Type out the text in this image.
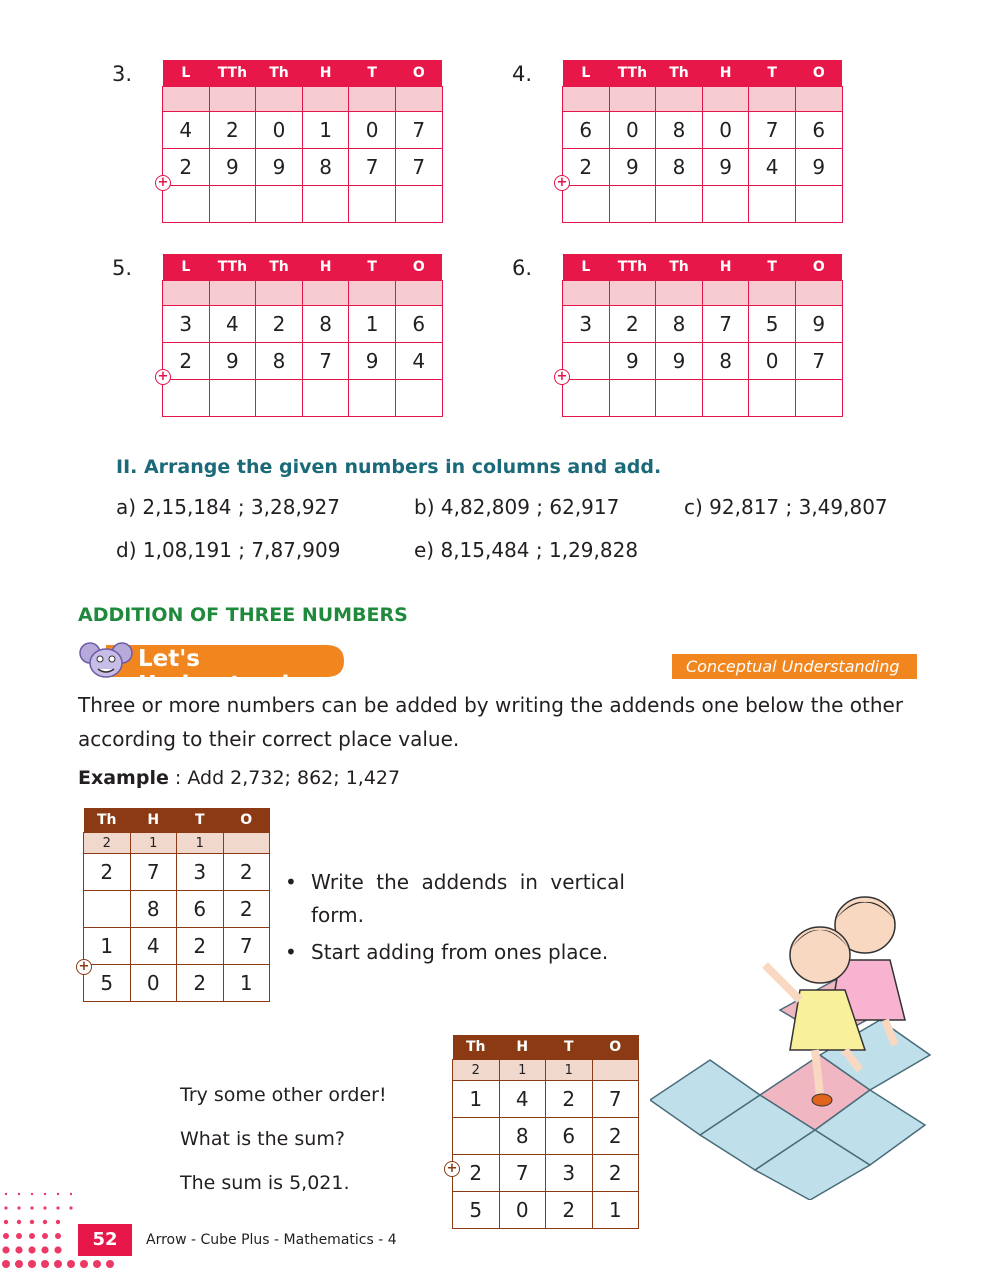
3.	L	TTh	Th	H	T	O

4	2	0	1	0	7
2	9	9	8	7	7

+
4.	L	TTh	Th	H	T	O

6	0	8	0	7	6
2	9	8	9	4	9

+
5.	L	TTh	Th	H	T	O

3	4	2	8	1	6
2	9	8	7	9	4

+
6.	L	TTh	Th	H	T	O

3	2	8	7	5	9
	9	9	8	0	7

+
II. Arrange the given numbers in columns and add.
a) 2,15,184 ; 3,28,927	b) 4,82,809 ; 62,917	c) 92,817 ; 3,49,807
d) 1,08,191 ; 7,87,909	e) 8,15,484 ; 1,29,828
ADDITION OF THREE NUMBERS
Let's Understand
Conceptual Understanding
Three or more numbers can be added by writing the addends one below the other according to their correct place value.
Example : Add 2,732; 862; 1,427
Th	H	T	O
2	1	1	
2	7	3	2
	8	6	2
1	4	2	7
5	0	2	1
+
• Write the addends in vertical form.
• Start adding from ones place.
Try some other order!
What is the sum?
The sum is 5,021.
Th	H	T	O
2	1	1	
1	4	2	7
	8	6	2
2	7	3	2
5	0	2	1
+
52	Arrow - Cube Plus - Mathematics - 4
